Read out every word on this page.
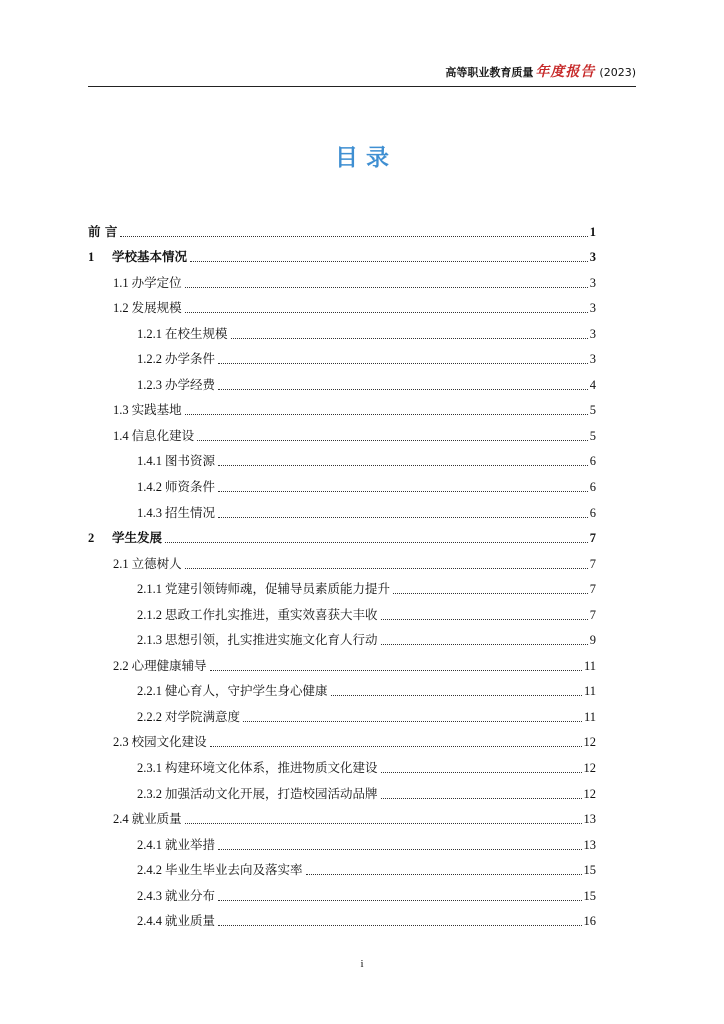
高等职业教育质量 年度报告 (2023)
目 录
前 言	1
1	学校基本情况	3
1.1 办学定位	3
1.2 发展规模	3
1.2.1 在校生规模	3
1.2.2 办学条件	3
1.2.3 办学经费	4
1.3 实践基地	5
1.4 信息化建设	5
1.4.1 图书资源	6
1.4.2 师资条件	6
1.4.3 招生情况	6
2	学生发展	7
2.1 立德树人	7
2.1.1 党建引领铸师魂，促辅导员素质能力提升	7
2.1.2 思政工作扎实推进，重实效喜获大丰收	7
2.1.3 思想引领，扎实推进实施文化育人行动	9
2.2 心理健康辅导	11
2.2.1 健心育人，守护学生身心健康	11
2.2.2 对学院满意度	11
2.3 校园文化建设	12
2.3.1 构建环境文化体系，推进物质文化建设	12
2.3.2 加强活动文化开展，打造校园活动品牌	12
2.4 就业质量	13
2.4.1 就业举措	13
2.4.2 毕业生毕业去向及落实率	15
2.4.3 就业分布	15
2.4.4 就业质量	16
i
